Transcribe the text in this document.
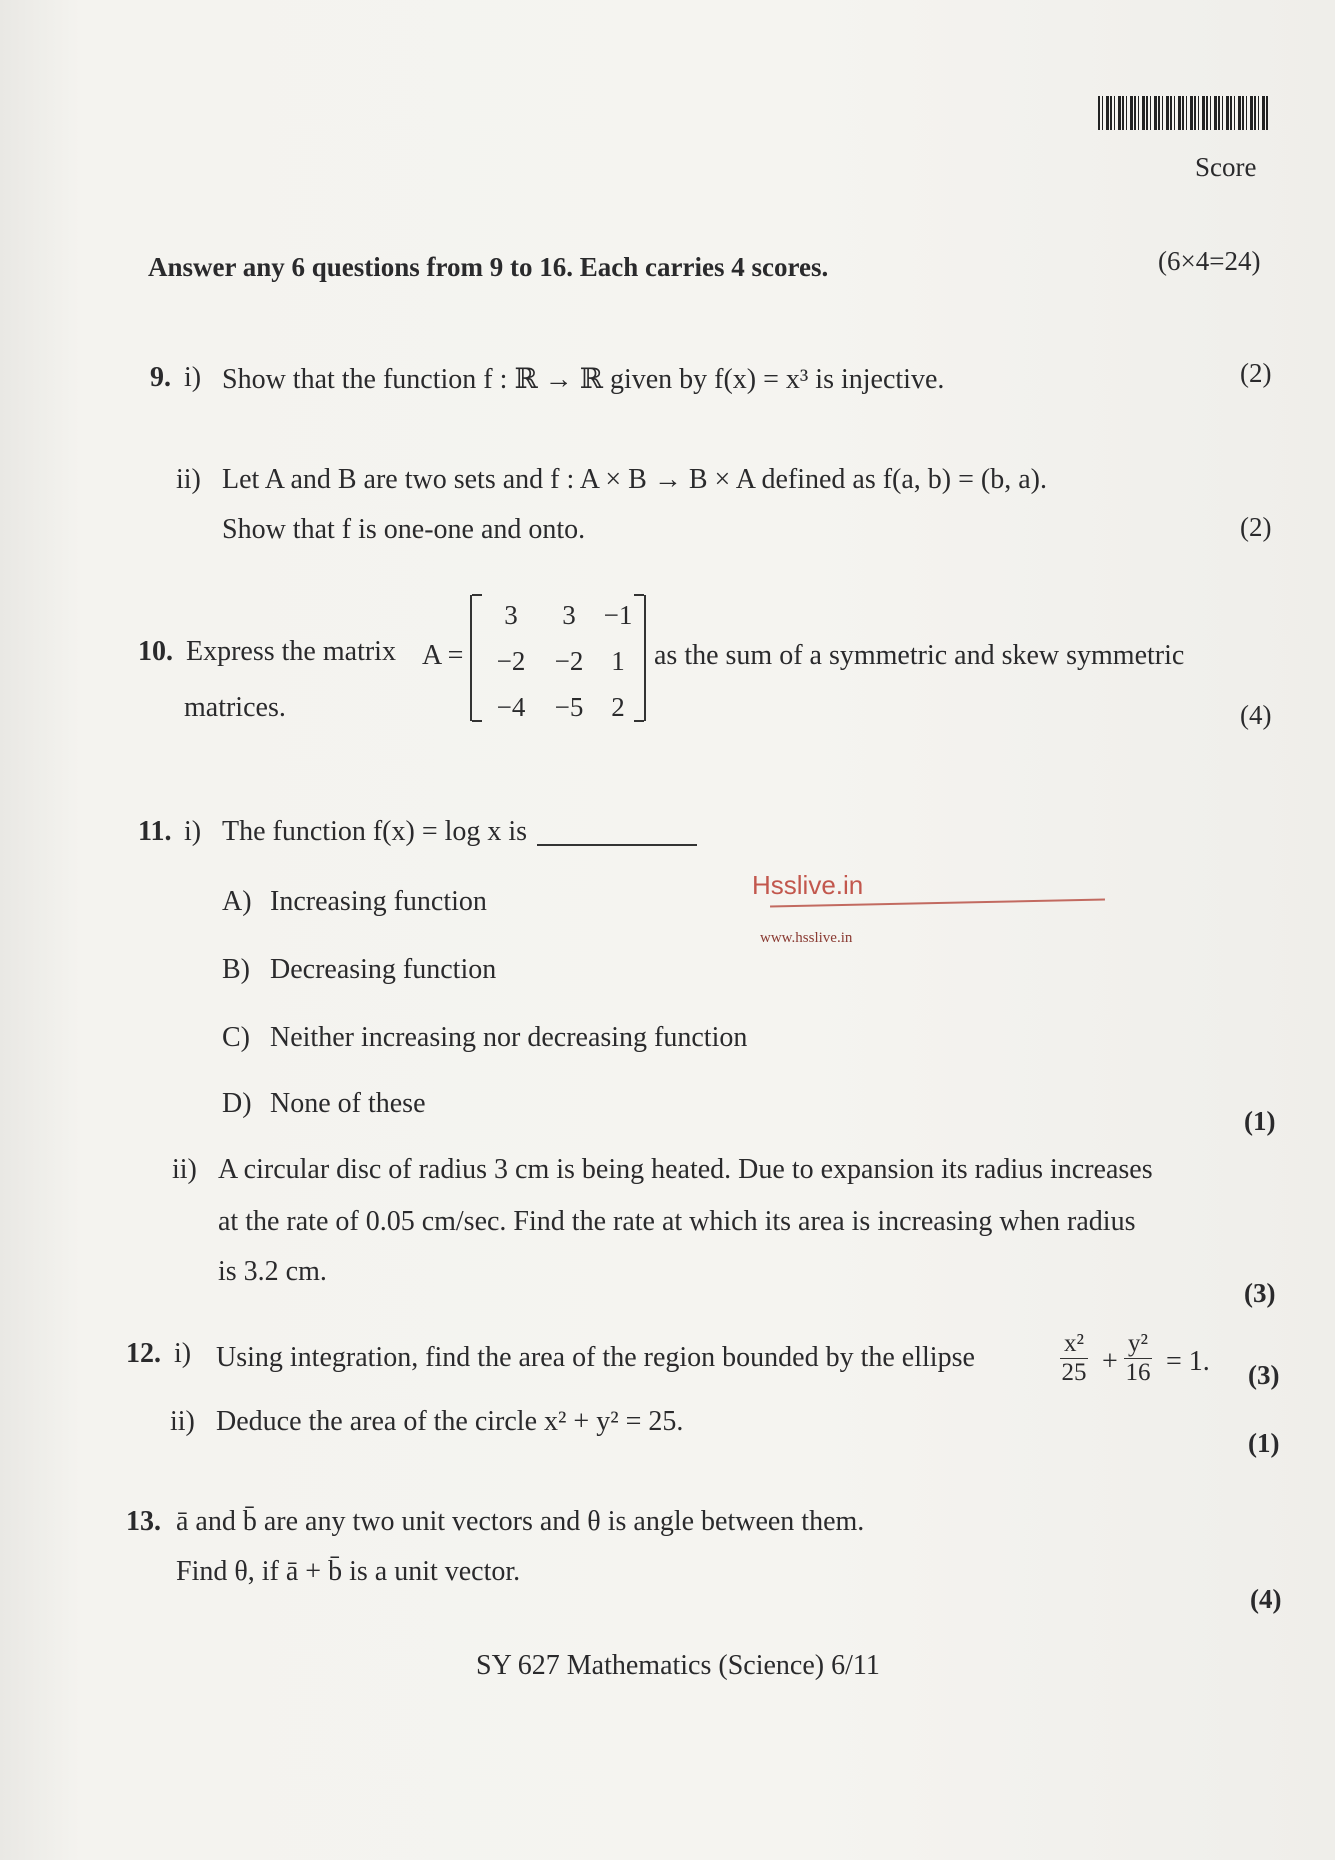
Score
Answer any 6 questions from 9 to 16. Each carries 4 scores.	(6×4=24)
9. i) Show that the function f : ℝ → ℝ given by f(x) = x³ is injective.	(2)
ii) Let A and B are two sets and f : A × B → B × A defined as f(a, b) = (b, a).
Show that f is one-one and onto.	(2)
10. Express the matrix A =
3	3	−1
−2	−2	1
−4	−5	2
as the sum of a symmetric and skew symmetric
matrices.	(4)
11. i) The function f(x) = log x is
Hsslive.in
www.hsslive.in
A) Increasing function
B) Decreasing function
C) Neither increasing nor decreasing function
D) None of these
(1)
ii) A circular disc of radius 3 cm is being heated. Due to expansion its radius increases
at the rate of 0.05 cm/sec. Find the rate at which its area is increasing when radius
is 3.2 cm.
(3)
12. i) Using integration, find the area of the region bounded by the ellipse	$\frac{\text{x²}}{25} + \frac{\text{y²}}{16} = 1$. (3)
ii) Deduce the area of the circle x² + y² = 25.
(1)
13. ā and b̄ are any two unit vectors and θ is angle between them.
Find θ, if ā + b̄ is a unit vector.
(4)
SY 627 Mathematics (Science) 6/11
